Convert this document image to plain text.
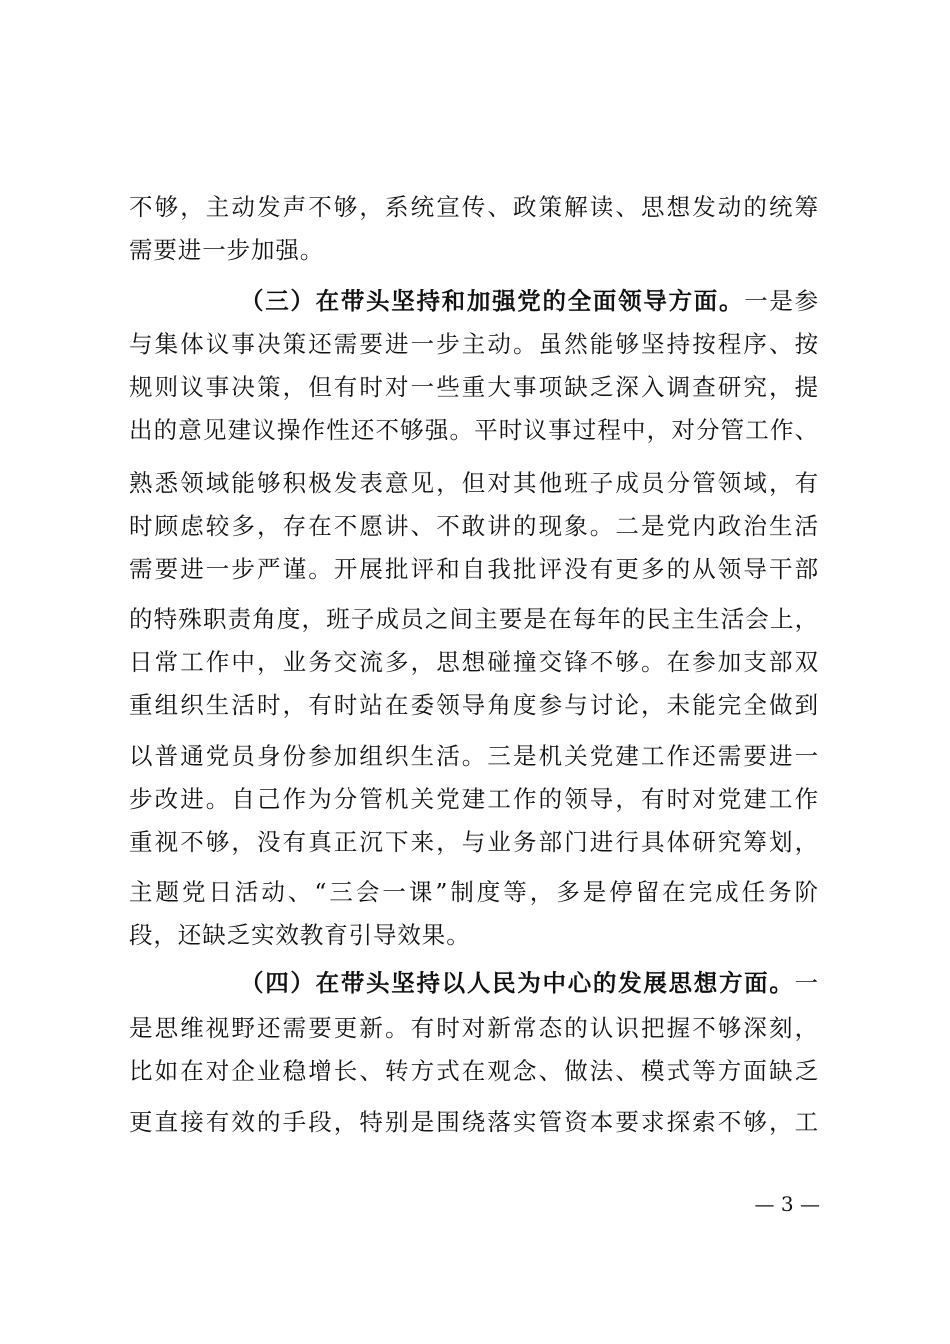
不够，主动发声不够，系统宣传、政策解读、思想发动的统筹
需要进一步加强。
（三）在带头坚持和加强党的全面领导方面。一是参
与集体议事决策还需要进一步主动。虽然能够坚持按程序、按
规则议事决策，但有时对一些重大事项缺乏深入调查研究，提
出的意见建议操作性还不够强。平时议事过程中，对分管工作、
熟悉领域能够积极发表意见，但对其他班子成员分管领域，有
时顾虑较多，存在不愿讲、不敢讲的现象。二是党内政治生活
需要进一步严谨。开展批评和自我批评没有更多的从领导干部
的特殊职责角度，班子成员之间主要是在每年的民主生活会上，
日常工作中，业务交流多，思想碰撞交锋不够。在参加支部双
重组织生活时，有时站在委领导角度参与讨论，未能完全做到
以普通党员身份参加组织生活。三是机关党建工作还需要进一
步改进。自己作为分管机关党建工作的领导，有时对党建工作
重视不够，没有真正沉下来，与业务部门进行具体研究筹划，
主题党日活动、“三会一课”制度等，多是停留在完成任务阶
段，还缺乏实效教育引导效果。
（四）在带头坚持以人民为中心的发展思想方面。一
是思维视野还需要更新。有时对新常态的认识把握不够深刻，
比如在对企业稳增长、转方式在观念、做法、模式等方面缺乏
更直接有效的手段，特别是围绕落实管资本要求探索不够，工
— 3 —
